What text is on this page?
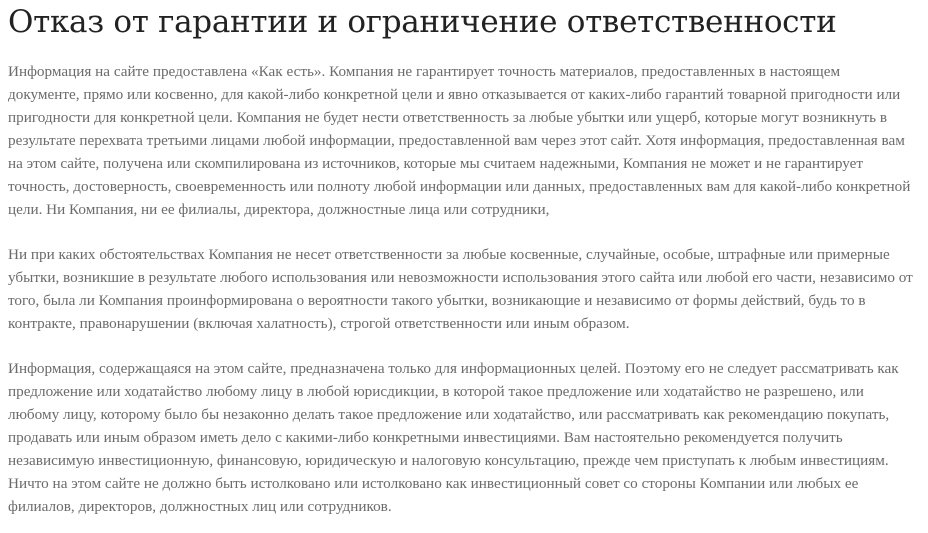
Отказ от гарантии и ограничение ответственности

Информация на сайте предоставлена «Как есть». Компания не гарантирует точность материалов, предоставленных в настоящем документе, прямо или косвенно, для какой-либо конкретной цели и явно отказывается от каких-либо гарантий товарной пригодности или пригодности для конкретной цели. Компания не будет нести ответственность за любые убытки или ущерб, которые могут возникнуть в результате перехвата третьими лицами любой информации, предоставленной вам через этот сайт. Хотя информация, предоставленная вам на этом сайте, получена или скомпилирована из источников, которые мы считаем надежными, Компания не может и не гарантирует точность, достоверность, своевременность или полноту любой информации или данных, предоставленных вам для какой-либо конкретной цели. Ни Компания, ни ее филиалы, директора, должностные лица или сотрудники,

Ни при каких обстоятельствах Компания не несет ответственности за любые косвенные, случайные, особые, штрафные или примерные убытки, возникшие в результате любого использования или невозможности использования этого сайта или любой его части, независимо от того, была ли Компания проинформирована о вероятности такого убытки, возникающие и независимо от формы действий, будь то в контракте, правонарушении (включая халатность), строгой ответственности или иным образом.

Информация, содержащаяся на этом сайте, предназначена только для информационных целей. Поэтому его не следует рассматривать как предложение или ходатайство любому лицу в любой юрисдикции, в которой такое предложение или ходатайство не разрешено, или любому лицу, которому было бы незаконно делать такое предложение или ходатайство, или рассматривать как рекомендацию покупать, продавать или иным образом иметь дело с какими-либо конкретными инвестициями. Вам настоятельно рекомендуется получить независимую инвестиционную, финансовую, юридическую и налоговую консультацию, прежде чем приступать к любым инвестициям. Ничто на этом сайте не должно быть истолковано или истолковано как инвестиционный совет со стороны Компании или любых ее филиалов, директоров, должностных лиц или сотрудников.
